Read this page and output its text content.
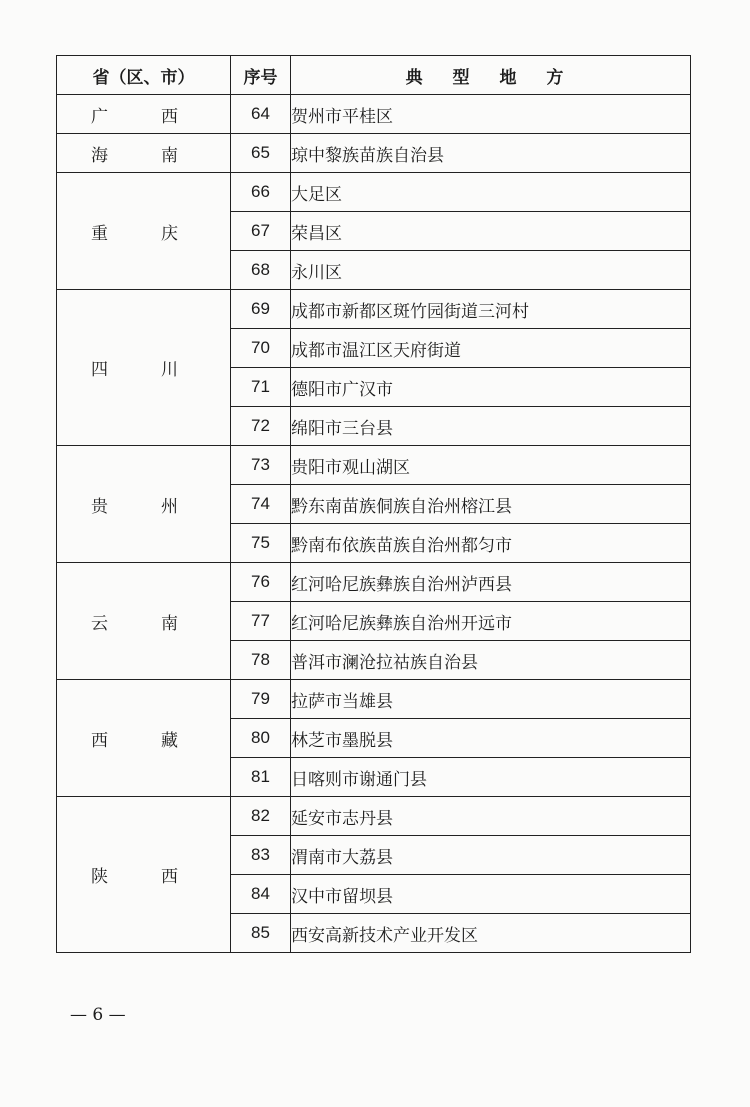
省（区、市）	序号	典 型 地 方
广　西	64	贺州市平桂区
海　南	65	琼中黎族苗族自治县
重　庆	66	大足区
	67	荣昌区
	68	永川区
四　川	69	成都市新都区斑竹园街道三河村
	70	成都市温江区天府街道
	71	德阳市广汉市
	72	绵阳市三台县
贵　州	73	贵阳市观山湖区
	74	黔东南苗族侗族自治州榕江县
	75	黔南布依族苗族自治州都匀市
云　南	76	红河哈尼族彝族自治州泸西县
	77	红河哈尼族彝族自治州开远市
	78	普洱市澜沧拉祜族自治县
西　藏	79	拉萨市当雄县
	80	林芝市墨脱县
	81	日喀则市谢通门县
陕　西	82	延安市志丹县
	83	渭南市大荔县
	84	汉中市留坝县
	85	西安高新技术产业开发区
— 6 —
